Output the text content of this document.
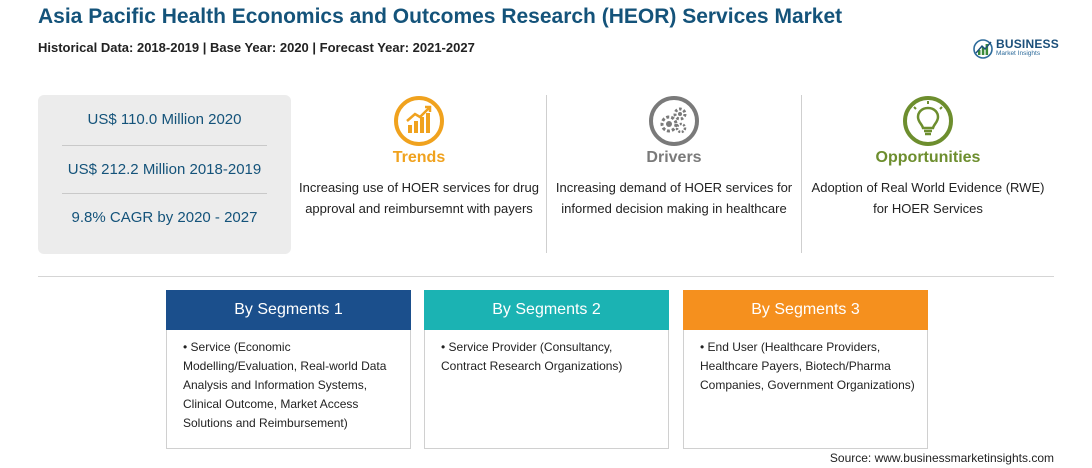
Asia Pacific Health Economics and Outcomes Research (HEOR) Services Market
Historical Data: 2018-2019 | Base Year: 2020 | Forecast Year: 2021-2027	BUSINESS
Market Insights
US$ 110.0 Million 2020
US$ 212.2 Million 2018-2019
9.8% CAGR by 2020 - 2027
Trends
Increasing use of HOER services for drug approval and reimbursemnt with payers
Drivers
Increasing demand of HOER services for informed decision making in healthcare
Opportunities
Adoption of Real World Evidence (RWE) for HOER Services
By Segments 1
• Service (Economic Modelling/Evaluation, Real-world Data Analysis and Information Systems, Clinical Outcome, Market Access Solutions and Reimbursement)
By Segments 2
• Service Provider (Consultancy, Contract Research Organizations)
By Segments 3
• End User (Healthcare Providers, Healthcare Payers, Biotech/Pharma Companies, Government Organizations)
Source: www.businessmarketinsights.com
